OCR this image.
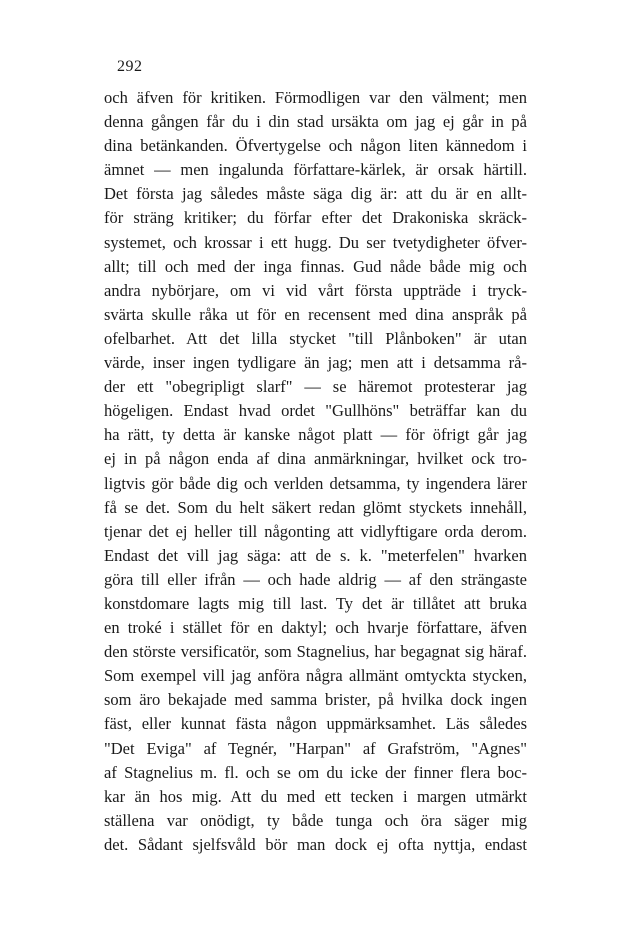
292
och äfven för kritiken. Förmodligen var den välment; men
denna gången får du i din stad ursäkta om jag ej går in på
dina betänkanden. Öfvertygelse och någon liten kännedom i
ämnet — men ingalunda författare-kärlek, är orsak härtill.
Det första jag således måste säga dig är: att du är en allt-
för sträng kritiker; du förfar efter det Drakoniska skräck-
systemet, och krossar i ett hugg. Du ser tvetydigheter öfver-
allt; till och med der inga finnas. Gud nåde både mig och
andra nybörjare, om vi vid vårt första uppträde i tryck-
svärta skulle råka ut för en recensent med dina anspråk på
ofelbarhet. Att det lilla stycket "till Plånboken" är utan
värde, inser ingen tydligare än jag; men att i detsamma rå-
der ett "obegripligt slarf" — se häremot protesterar jag
högeligen. Endast hvad ordet "Gullhöns" beträffar kan du
ha rätt, ty detta är kanske något platt — för öfrigt går jag
ej in på någon enda af dina anmärkningar, hvilket ock tro-
ligtvis gör både dig och verlden detsamma, ty ingendera lärer
få se det. Som du helt säkert redan glömt styckets innehåll,
tjenar det ej heller till någonting att vidlyftigare orda derom.
Endast det vill jag säga: att de s. k. "meterfelen" hvarken
göra till eller ifrån — och hade aldrig — af den strängaste
konstdomare lagts mig till last. Ty det är tillåtet att bruka
en troké i stället för en daktyl; och hvarje författare, äfven
den störste versificatör, som Stagnelius, har begagnat sig häraf.
Som exempel vill jag anföra några allmänt omtyckta stycken,
som äro bekajade med samma brister, på hvilka dock ingen
fäst, eller kunnat fästa någon uppmärksamhet. Läs således
"Det Eviga" af Tegnér, "Harpan" af Grafström, "Agnes"
af Stagnelius m. fl. och se om du icke der finner flera boc-
kar än hos mig. Att du med ett tecken i margen utmärkt
ställena var onödigt, ty både tunga och öra säger mig
det. Sådant sjelfsvåld bör man dock ej ofta nyttja, endast
